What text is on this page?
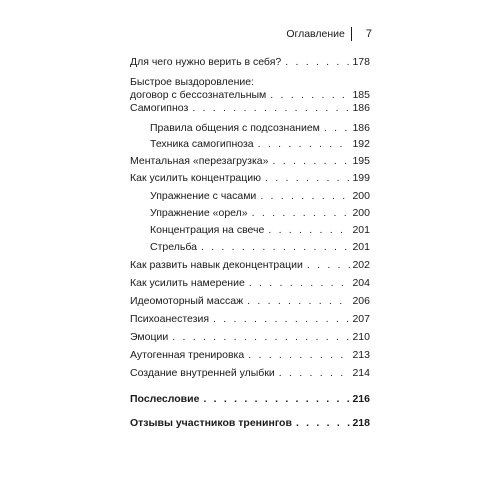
Оглавление	7
Для чего нужно верить в себя? . . .	178
Быстрое выздоровление:
договор с бессознательным . . .	185
Самогипноз . . .	186
Правила общения с подсознанием . . .	186
Техника самогипноза . . .	192
Ментальная «перезагрузка» . . .	195
Как усилить концентрацию . . .	199
Упражнение с часами . . .	200
Упражнение «орел» . . .	200
Концентрация на свече . . .	201
Стрельба . . .	201
Как развить навык деконцентрации . . .	202
Как усилить намерение . . .	204
Идеомоторный массаж . . .	206
Психоанестезия . . .	207
Эмоции . . .	210
Аутогенная тренировка . . .	213
Создание внутренней улыбки . . .	214
Послесловие . . .	216
Отзывы участников тренингов . . .	218
